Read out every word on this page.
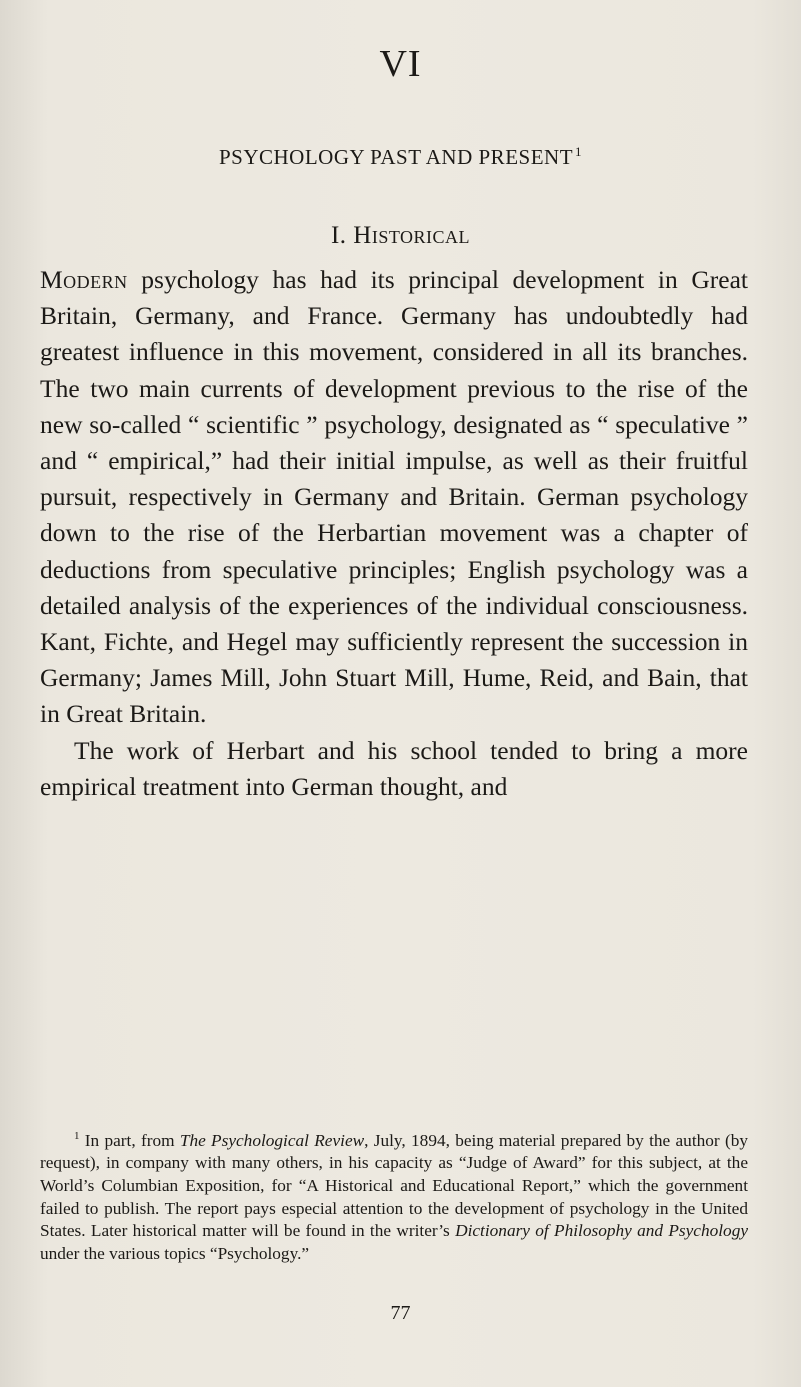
VI
PSYCHOLOGY PAST AND PRESENT $^1$
I. Historical

Modern psychology has had its principal development in Great Britain, Germany, and France. Germany has undoubtedly had greatest influence in this movement, considered in all its branches. The two main currents of development previous to the rise of the new so-called “ scientific ” psychology, designated as “ speculative ” and “ empirical,” had their initial impulse, as well as their fruitful pursuit, respectively in Germany and Britain. German psychology down to the rise of the Herbartian movement was a chapter of deductions from speculative principles; English psychology was a detailed analysis of the experiences of the individual consciousness. Kant, Fichte, and Hegel may sufficiently represent the succession in Germany; James Mill, John Stuart Mill, Hume, Reid, and Bain, that in Great Britain.

The work of Herbart and his school tended to bring a more empirical treatment into German thought, and

$^1$ In part, from The Psychological Review, July, 1894, being material prepared by the author (by request), in company with many others, in his capacity as “Judge of Award” for this subject, at the World’s Columbian Exposition, for “A Historical and Educational Report,” which the government failed to publish. The report pays especial attention to the development of psychology in the United States. Later historical matter will be found in the writer’s Dictionary of Philosophy and Psychology under the various topics “Psychology.”

77
